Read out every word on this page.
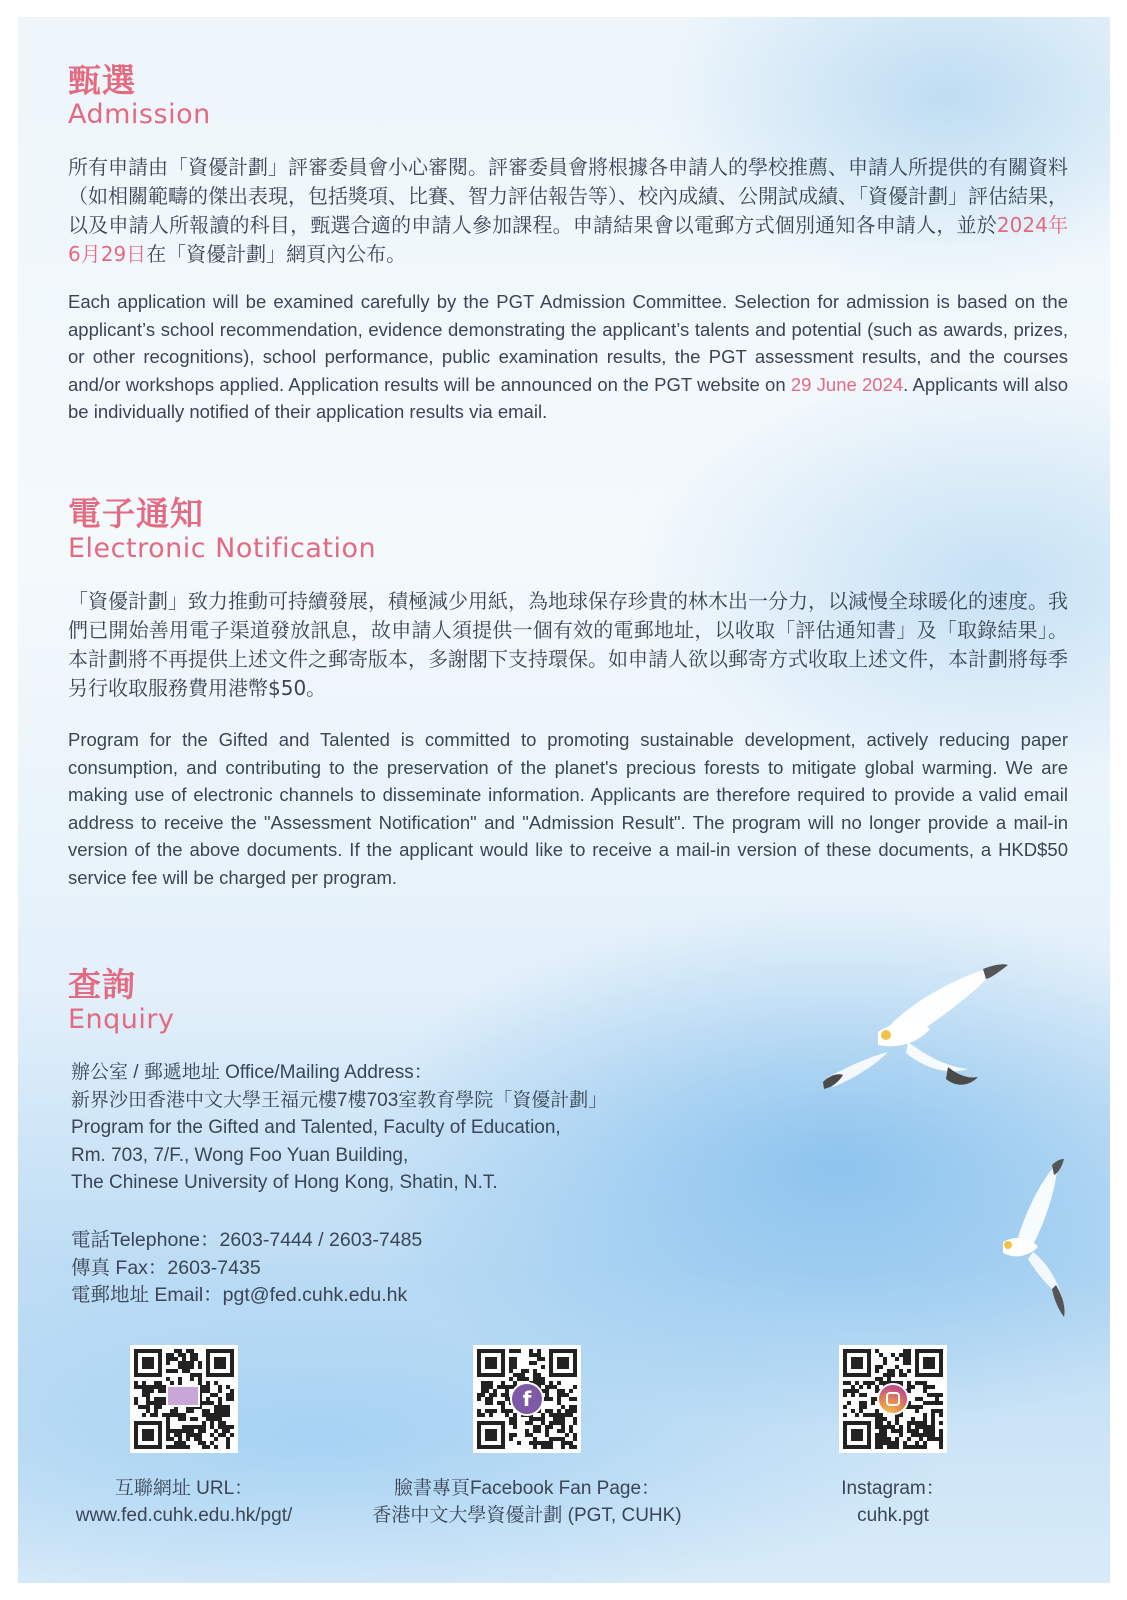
甄選
Admission
所有申請由「資優計劃」評審委員會小心審閱。評審委員會將根據各申請人的學校推薦、申請人所提供的有關資料（如相關範疇的傑出表現，包括獎項、比賽、智力評估報告等）、校內成績、公開試成績、「資優計劃」評估結果，以及申請人所報讀的科目，甄選合適的申請人參加課程。申請結果會以電郵方式個別通知各申請人，並於2024年6月29日在「資優計劃」網頁內公布。
Each application will be examined carefully by the PGT Admission Committee. Selection for admission is based on the applicant’s school recommendation, evidence demonstrating the applicant’s talents and potential (such as awards, prizes, or other recognitions), school performance, public examination results, the PGT assessment results, and the courses and/or workshops applied. Application results will be announced on the PGT website on 29 June 2024. Applicants will also be individually notified of their application results via email.
電子通知
Electronic Notification
「資優計劃」致力推動可持續發展，積極減少用紙，為地球保存珍貴的林木出一分力，以減慢全球暖化的速度。我們已開始善用電子渠道發放訊息，故申請人須提供一個有效的電郵地址，以收取「評估通知書」及「取錄結果」。本計劃將不再提供上述文件之郵寄版本，多謝閣下支持環保。如申請人欲以郵寄方式收取上述文件，本計劃將每季另行收取服務費用港幣$50。
Program for the Gifted and Talented is committed to promoting sustainable development, actively reducing paper consumption, and contributing to the preservation of the planet's precious forests to mitigate global warming. We are making use of electronic channels to disseminate information. Applicants are therefore required to provide a valid email address to receive the "Assessment Notification" and "Admission Result". The program will no longer provide a mail-in version of the above documents. If the applicant would like to receive a mail-in version of these documents, a HKD$50 service fee will be charged per program.
查詢
Enquiry
辦公室 / 郵遞地址 Office/Mailing Address：
新界沙田香港中文大學王福元樓7樓703室教育學院「資優計劃」
Program for the Gifted and Talented, Faculty of Education,
Rm. 703, 7/F., Wong Foo Yuan Building,
The Chinese University of Hong Kong, Shatin, N.T.
電話Telephone：2603-7444 / 2603-7485
傳真 Fax：2603-7435
電郵地址 Email：pgt@fed.cuhk.edu.hk
互聯網址 URL：
www.fed.cuhk.edu.hk/pgt/
f
臉書專頁Facebook Fan Page：
香港中文大學資優計劃 (PGT, CUHK)
Instagram：
cuhk.pgt
